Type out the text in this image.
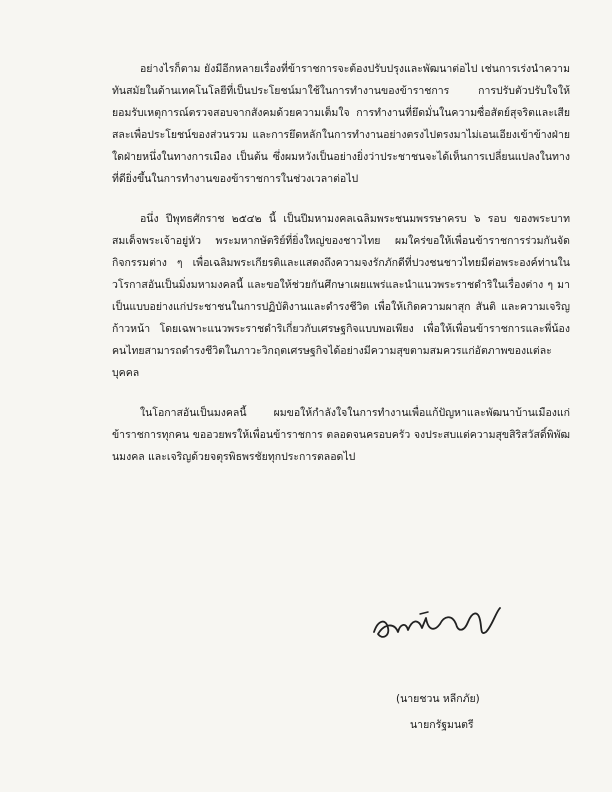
อย่างไรก็ตาม ยังมีอีกหลายเรื่องที่ข้าราชการจะต้องปรับปรุงและพัฒนาต่อไป เช่นการเร่งนำความทันสมัยในด้านเทคโนโลยีที่เป็นประโยชน์มาใช้ในการทำงานของข้าราชการ การปรับตัวปรับใจให้ยอมรับเหตุการณ์ตรวจสอบจากสังคมด้วยความเต็มใจ การทำงานที่ยึดมั่นในความซื่อสัตย์สุจริตและเสียสละเพื่อประโยชน์ของส่วนรวม และการยึดหลักในการทำงานอย่างตรงไปตรงมาไม่เอนเอียงเข้าข้างฝ่ายใดฝ่ายหนึ่งในทางการเมือง เป็นต้น ซึ่งผมหวังเป็นอย่างยิ่งว่าประชาชนจะได้เห็นการเปลี่ยนแปลงในทางที่ดียิ่งขึ้นในการทำงานของข้าราชการในช่วงเวลาต่อไป

อนึ่ง ปีพุทธศักราช ๒๕๔๒ นี้ เป็นปีมหามงคลเฉลิมพระชนมพรรษาครบ ๖ รอบ ของพระบาทสมเด็จพระเจ้าอยู่หัว พระมหากษัตริย์ที่ยิ่งใหญ่ของชาวไทย ผมใคร่ขอให้เพื่อนข้าราชการร่วมกันจัดกิจกรรมต่าง ๆ เพื่อเฉลิมพระเกียรติและแสดงถึงความจงรักภักดีที่ปวงชนชาวไทยมีต่อพระองค์ท่านในวโรกาสอันเป็นมิ่งมหามงคลนี้ และขอให้ช่วยกันศึกษาเผยแพร่และนำแนวพระราชดำริในเรื่องต่าง ๆ มาเป็นแบบอย่างแก่ประชาชนในการปฏิบัติงานและดำรงชีวิต เพื่อให้เกิดความผาสุก สันติ และความเจริญก้าวหน้า โดยเฉพาะแนวพระราชดำริเกี่ยวกับเศรษฐกิจแบบพอเพียง เพื่อให้เพื่อนข้าราชการและพี่น้องคนไทยสามารถดำรงชีวิตในภาวะวิกฤตเศรษฐกิจได้อย่างมีความสุขตามสมควรแก่อัตภาพของแต่ละบุคคล

ในโอกาสอันเป็นมงคลนี้ ผมขอให้กำลังใจในการทำงานเพื่อแก้ปัญหาและพัฒนาบ้านเมืองแก่ข้าราชการทุกคน ขออวยพรให้เพื่อนข้าราชการ ตลอดจนครอบครัว จงประสบแต่ความสุขสิริสวัสดิ์พิพัฒนมงคล และเจริญด้วยจตุรพิธพรชัยทุกประการตลอดไป

(นายชวน หลีกภัย)
นายกรัฐมนตรี
